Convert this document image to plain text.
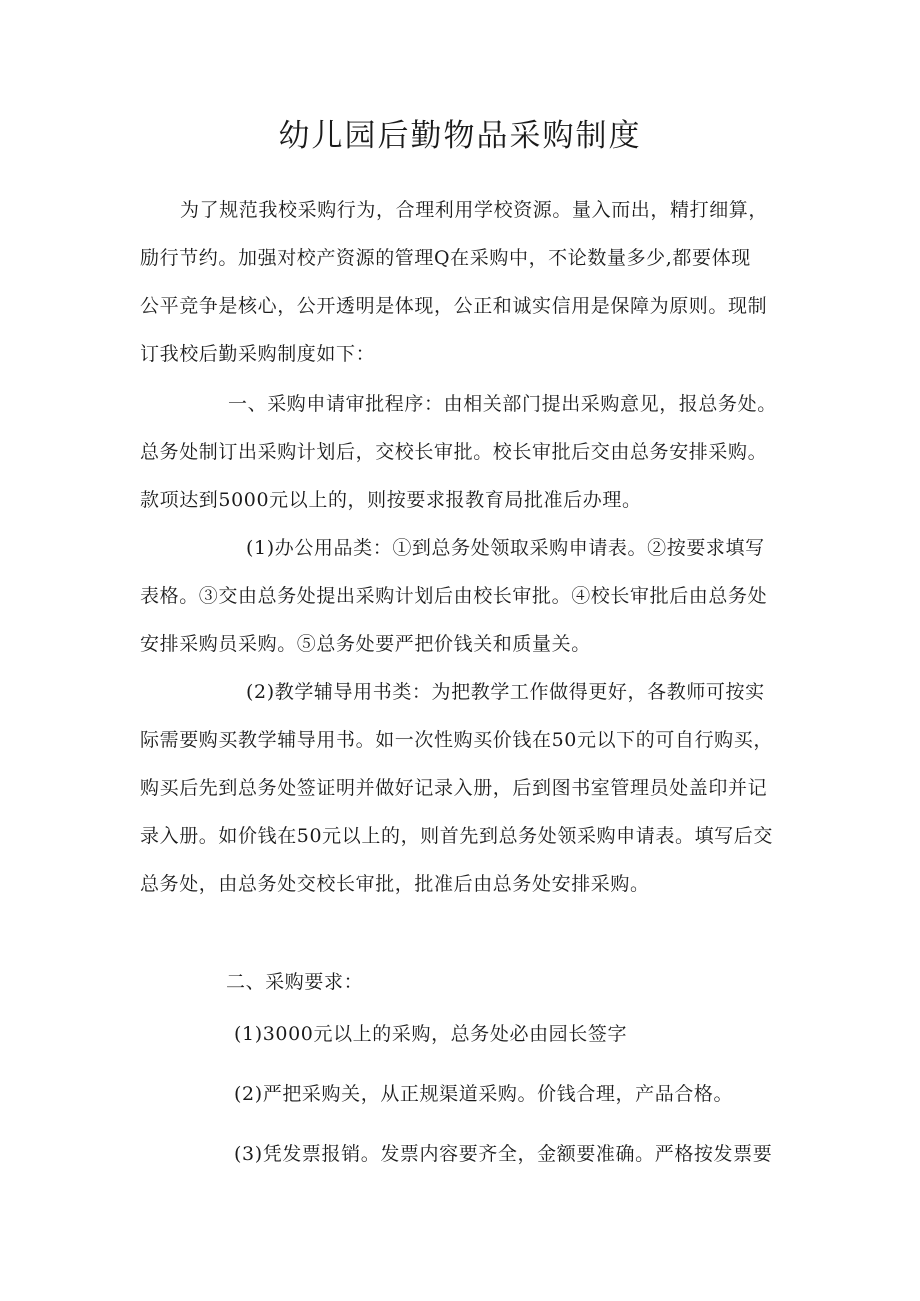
幼儿园后勤物品采购制度
为了规范我校采购行为，合理利用学校资源。量入而出，精打细算，
励行节约。加强对校产资源的管理Q在采购中，不论数量多少,都要体现
公平竞争是核心，公开透明是体现，公正和诚实信用是保障为原则。现制
订我校后勤采购制度如下：
一、采购申请审批程序：由相关部门提出采购意见，报总务处。
总务处制订出采购计划后，交校长审批。校长审批后交由总务安排采购。
款项达到5000元以上的，则按要求报教育局批准后办理。
(1)办公用品类：①到总务处领取采购申请表。②按要求填写
表格。③交由总务处提出采购计划后由校长审批。④校长审批后由总务处
安排采购员采购。⑤总务处要严把价钱关和质量关。
(2)教学辅导用书类：为把教学工作做得更好，各教师可按实
际需要购买教学辅导用书。如一次性购买价钱在50元以下的可自行购买，
购买后先到总务处签证明并做好记录入册，后到图书室管理员处盖印并记
录入册。如价钱在50元以上的，则首先到总务处领采购申请表。填写后交
总务处，由总务处交校长审批，批准后由总务处安排采购。
二、采购要求：
(1)3000元以上的采购，总务处必由园长签字
(2)严把采购关，从正规渠道采购。价钱合理，产品合格。
(3)凭发票报销。发票内容要齐全，金额要准确。严格按发票要
